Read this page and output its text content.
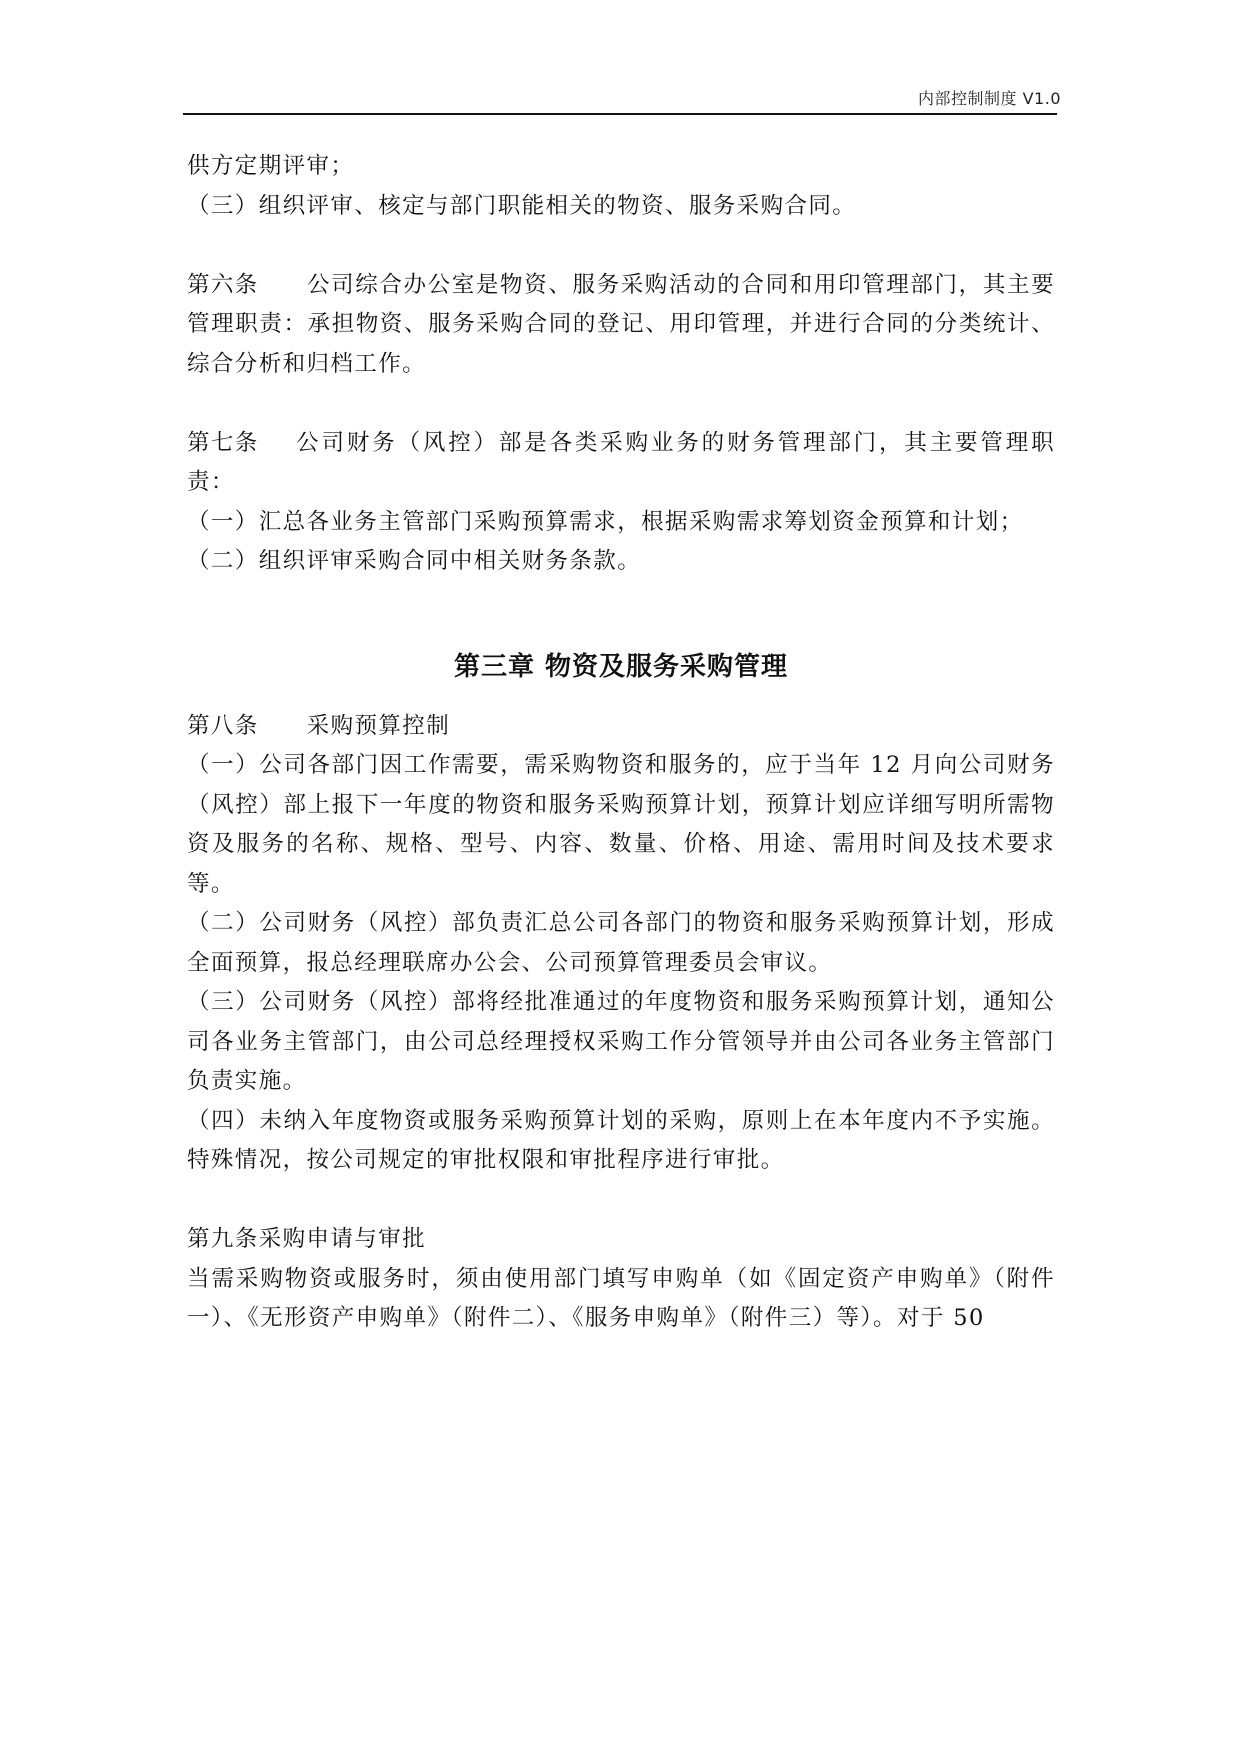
内部控制制度 V1.0

供方定期评审；

（三）组织评审、核定与部门职能相关的物资、服务采购合同。

第六条 公司综合办公室是物资、服务采购活动的合同和用印管理部门，其主要管理职责：承担物资、服务采购合同的登记、用印管理，并进行合同的分类统计、综合分析和归档工作。

第七条 公司财务（风控）部是各类采购业务的财务管理部门，其主要管理职责：

（一）汇总各业务主管部门采购预算需求，根据采购需求筹划资金预算和计划；

（二）组织评审采购合同中相关财务条款。

第三章 物资及服务采购管理

第八条 采购预算控制

（一）公司各部门因工作需要，需采购物资和服务的，应于当年 12 月向公司财务（风控）部上报下一年度的物资和服务采购预算计划，预算计划应详细写明所需物资及服务的名称、规格、型号、内容、数量、价格、用途、需用时间及技术要求等。

（二）公司财务（风控）部负责汇总公司各部门的物资和服务采购预算计划，形成全面预算，报总经理联席办公会、公司预算管理委员会审议。

（三）公司财务（风控）部将经批准通过的年度物资和服务采购预算计划，通知公司各业务主管部门，由公司总经理授权采购工作分管领导并由公司各业务主管部门负责实施。

（四）未纳入年度物资或服务采购预算计划的采购，原则上在本年度内不予实施。特殊情况，按公司规定的审批权限和审批程序进行审批。

第九条采购申请与审批

当需采购物资或服务时，须由使用部门填写申购单（如《固定资产申购单》（附件一）、《无形资产申购单》（附件二）、《服务申购单》（附件三）等）。对于 50
